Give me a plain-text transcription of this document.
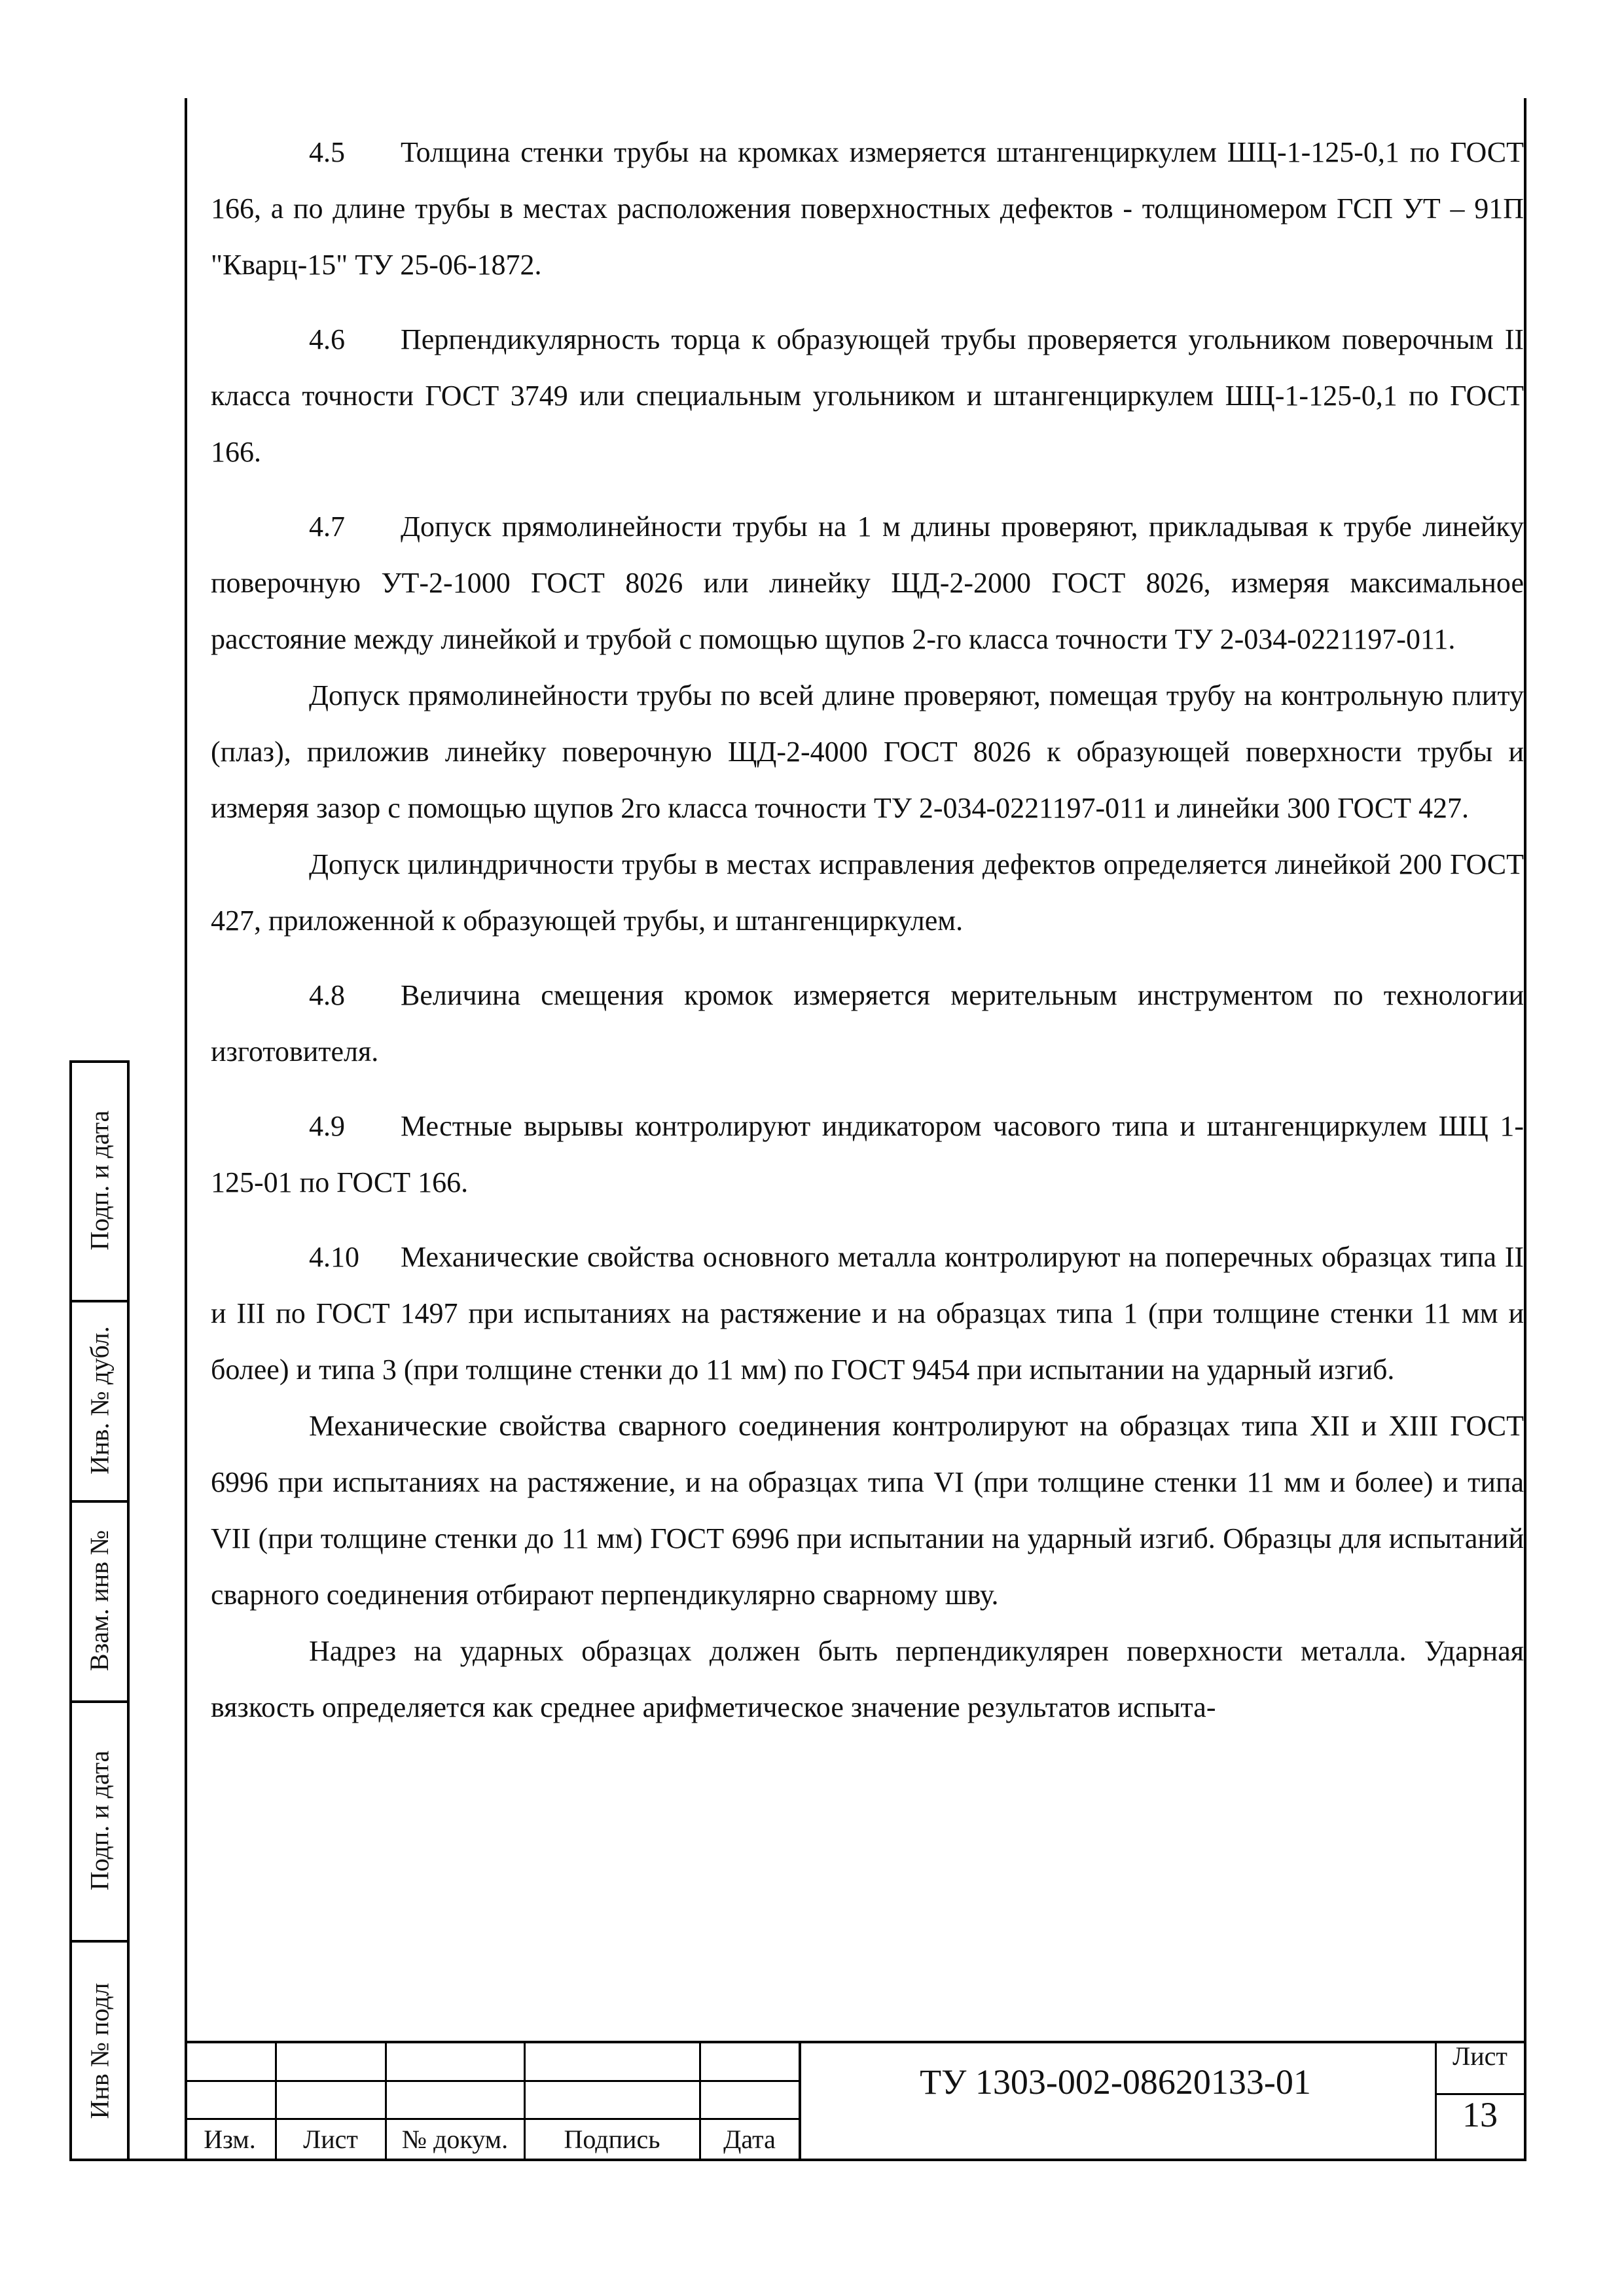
4.5 Толщина стенки трубы на кромках измеряется штангенциркулем ШЦ-1-125-0,1 по ГОСТ 166, а по длине трубы в местах расположения поверхностных дефектов - толщиномером ГСП УТ – 91П "Кварц-15" ТУ 25-06-1872.

4.6 Перпендикулярность торца к образующей трубы проверяется угольником поверочным II класса точности ГОСТ 3749 или специальным угольником и штангенциркулем ШЦ-1-125-0,1 по ГОСТ 166.

4.7 Допуск прямолинейности трубы на 1 м длины проверяют, прикладывая к трубе линейку поверочную УТ-2-1000 ГОСТ 8026 или линейку ЩД-2-2000 ГОСТ 8026, измеряя максимальное расстояние между линейкой и трубой с помощью щупов 2-го класса точности ТУ 2-034-0221197-011.

Допуск прямолинейности трубы по всей длине проверяют, помещая трубу на контрольную плиту (плаз), приложив линейку поверочную ЩД-2-4000 ГОСТ 8026 к образующей поверхности трубы и измеряя зазор с помощью щупов 2го класса точности ТУ 2-034-0221197-011 и линейки 300 ГОСТ 427.

Допуск цилиндричности трубы в местах исправления дефектов определяется линейкой 200 ГОСТ 427, приложенной к образующей трубы, и штангенциркулем.

4.8 Величина смещения кромок измеряется мерительным инструментом по технологии изготовителя.

4.9 Местные вырывы контролируют индикатором часового типа и штангенциркулем ШЦ 1-125-01 по ГОСТ 166.

4.10 Механические свойства основного металла контролируют на поперечных образцах типа II и III по ГОСТ 1497 при испытаниях на растяжение и на образцах типа 1 (при толщине стенки 11 мм и более) и типа 3 (при толщине стенки до 11 мм) по ГОСТ 9454 при испытании на ударный изгиб.

Механические свойства сварного соединения контролируют на образцах типа XII и XIII ГОСТ 6996 при испытаниях на растяжение, и на образцах типа VI (при толщине стенки 11 мм и более) и типа VII (при толщине стенки до 11 мм) ГОСТ 6996 при испытании на ударный изгиб. Образцы для испытаний сварного соединения отбирают перпендикулярно сварному шву.

Надрез на ударных образцах должен быть перпендикулярен поверхности металла. Ударная вязкость определяется как среднее арифметическое значение результатов испыта-

Подп. и дата
Инв. № дубл.
Взам. инв №
Подп. и дата
Инв № подл
Изм.	Лист	№ докум.	Подпись	Дата
ТУ 1303-002-08620133-01
Лист
13
